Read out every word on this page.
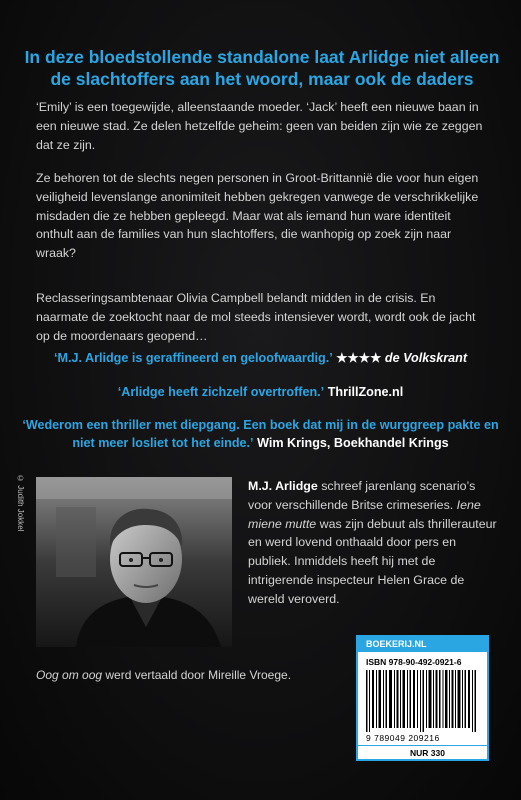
In deze bloedstollende standalone laat Arlidge niet alleen de slachtoffers aan het woord, maar ook de daders
‘Emily’ is een toegewijde, alleenstaande moeder. ‘Jack’ heeft een nieuwe baan in een nieuwe stad. Ze delen hetzelfde geheim: geen van beiden zijn wie ze zeggen dat ze zijn.
Ze behoren tot de slechts negen personen in Groot-Brittannië die voor hun eigen veiligheid levenslange anonimiteit hebben gekregen vanwege de verschrikkelijke misdaden die ze hebben gepleegd. Maar wat als iemand hun ware identiteit onthult aan de families van hun slachtoffers, die wanhopig op zoek zijn naar wraak?
Reclasseringsambtenaar Olivia Campbell belandt midden in de crisis. En naarmate de zoektocht naar de mol steeds intensiever wordt, wordt ook de jacht op de moordenaars geopend…
‘M.J. Arlidge is geraffineerd en geloofwaardig.’ ★★★★ de Volkskrant
‘Arlidge heeft zichzelf overtroffen.’ ThrillZone.nl
‘Wederom een thriller met diepgang. Een boek dat mij in de wurggreep pakte en niet meer losliet tot het einde.’ Wim Krings, Boekhandel Krings
© Judith Jokkel	M.J. Arlidge schreef jarenlang scenario’s voor verschillende Britse crimeseries. Iene miene mutte was zijn debuut als thrillerauteur en werd lovend onthaald door pers en publiek. Inmiddels heeft hij met de intrigerende inspecteur Helen Grace de wereld veroverd.
Oog om oog werd vertaald door Mireille Vroege.
BOEKERIJ.NL
ISBN 978-90-492-0921-6
9 789049 209216
NUR 330
